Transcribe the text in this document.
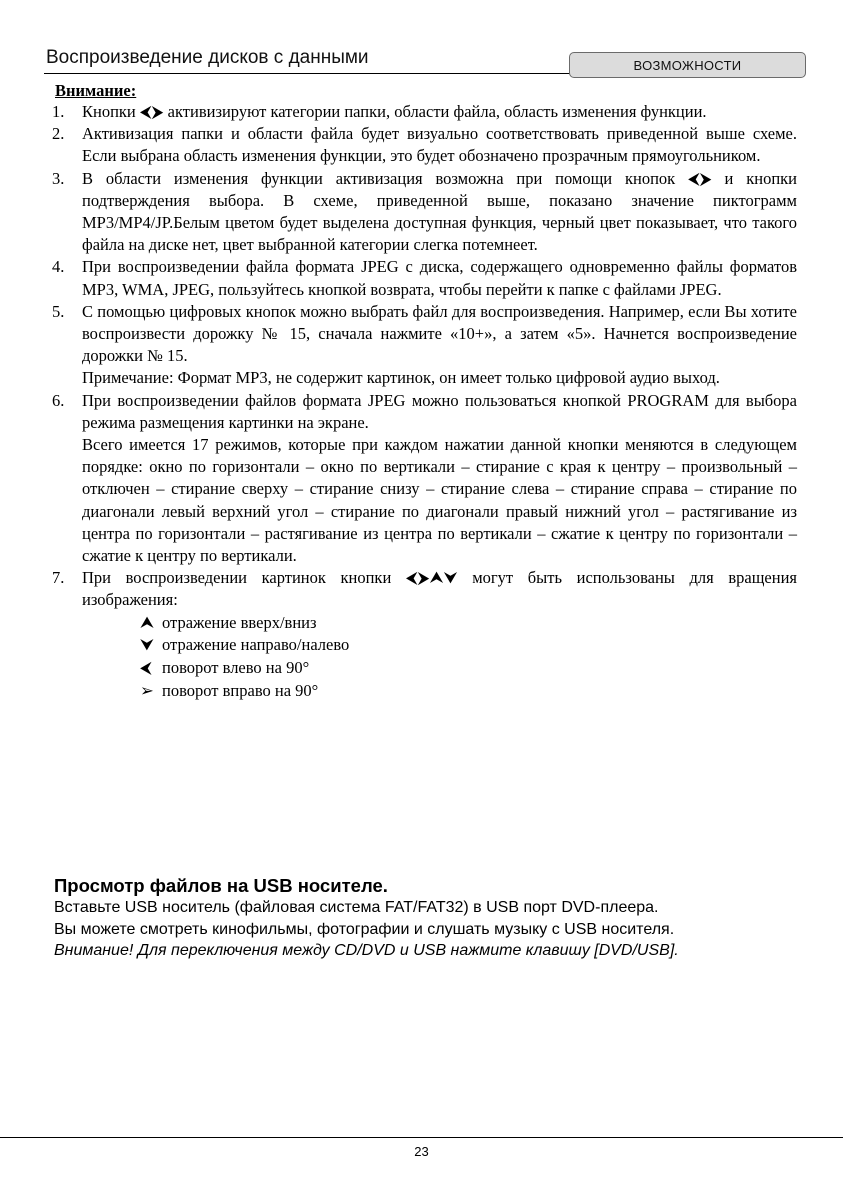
Воспроизведение дисков с данными	ВОЗМОЖНОСТИ
Внимание:
1. Кнопки ⮜⮞ активизируют категории папки, области файла, область изменения функции.

2. Активизация папки и области файла будет визуально соответствовать приведенной выше схеме. Если выбрана область изменения функции, это будет обозначено прозрачным прямоугольником.

3. В области изменения функции активизация возможна при помощи кнопок ⮜⮞ и кнопки подтверждения выбора. В схеме, приведенной выше, показано значение пиктограмм MP3/MP4/JP.Белым цветом будет выделена доступная функция, черный цвет показывает, что такого файла на диске нет, цвет выбранной категории слегка потемнеет.

4. При воспроизведении файла формата JPEG с диска, содержащего одновременно файлы форматов MP3, WMA, JPEG, пользуйтесь кнопкой возврата, чтобы перейти к папке с файлами JPEG.

5. С помощью цифровых кнопок можно выбрать файл для воспроизведения. Например, если Вы хотите воспроизвести дорожку № 15, сначала нажмите «10+», а затем «5». Начнется воспроизведение дорожки № 15.

Примечание: Формат MP3, не содержит картинок, он имеет только цифровой аудио выход.

6. При воспроизведении файлов формата JPEG можно пользоваться кнопкой PROGRAM для выбора режима размещения картинки на экране.

Всего имеется 17 режимов, которые при каждом нажатии данной кнопки меняются в следующем порядке: окно по горизонтали – окно по вертикали – стирание с края к центру – произвольный – отключен – стирание сверху – стирание снизу – стирание слева – стирание справа – стирание по диагонали левый верхний угол – стирание по диагонали правый нижний угол – растягивание из центра по горизонтали – растягивание из центра по вертикали – сжатие к центру по горизонтали – сжатие к центру по вертикали.

7. При воспроизведении картинок кнопки ⮜⮞⮝⮟ могут быть использованы для вращения изображения:

⮝ отражение вверх/вниз
⮟ отражение направо/налево
⮜ поворот влево на 90°
➢ поворот вправо на 90°
Просмотр файлов на USB носителе.
Вставьте USB носитель (файловая система FAT/FAT32) в USB порт DVD-плеера.
Вы можете смотреть кинофильмы, фотографии и слушать музыку с USB носителя.
Внимание! Для переключения между CD/DVD и USB нажмите клавишу [DVD/USB].
23
